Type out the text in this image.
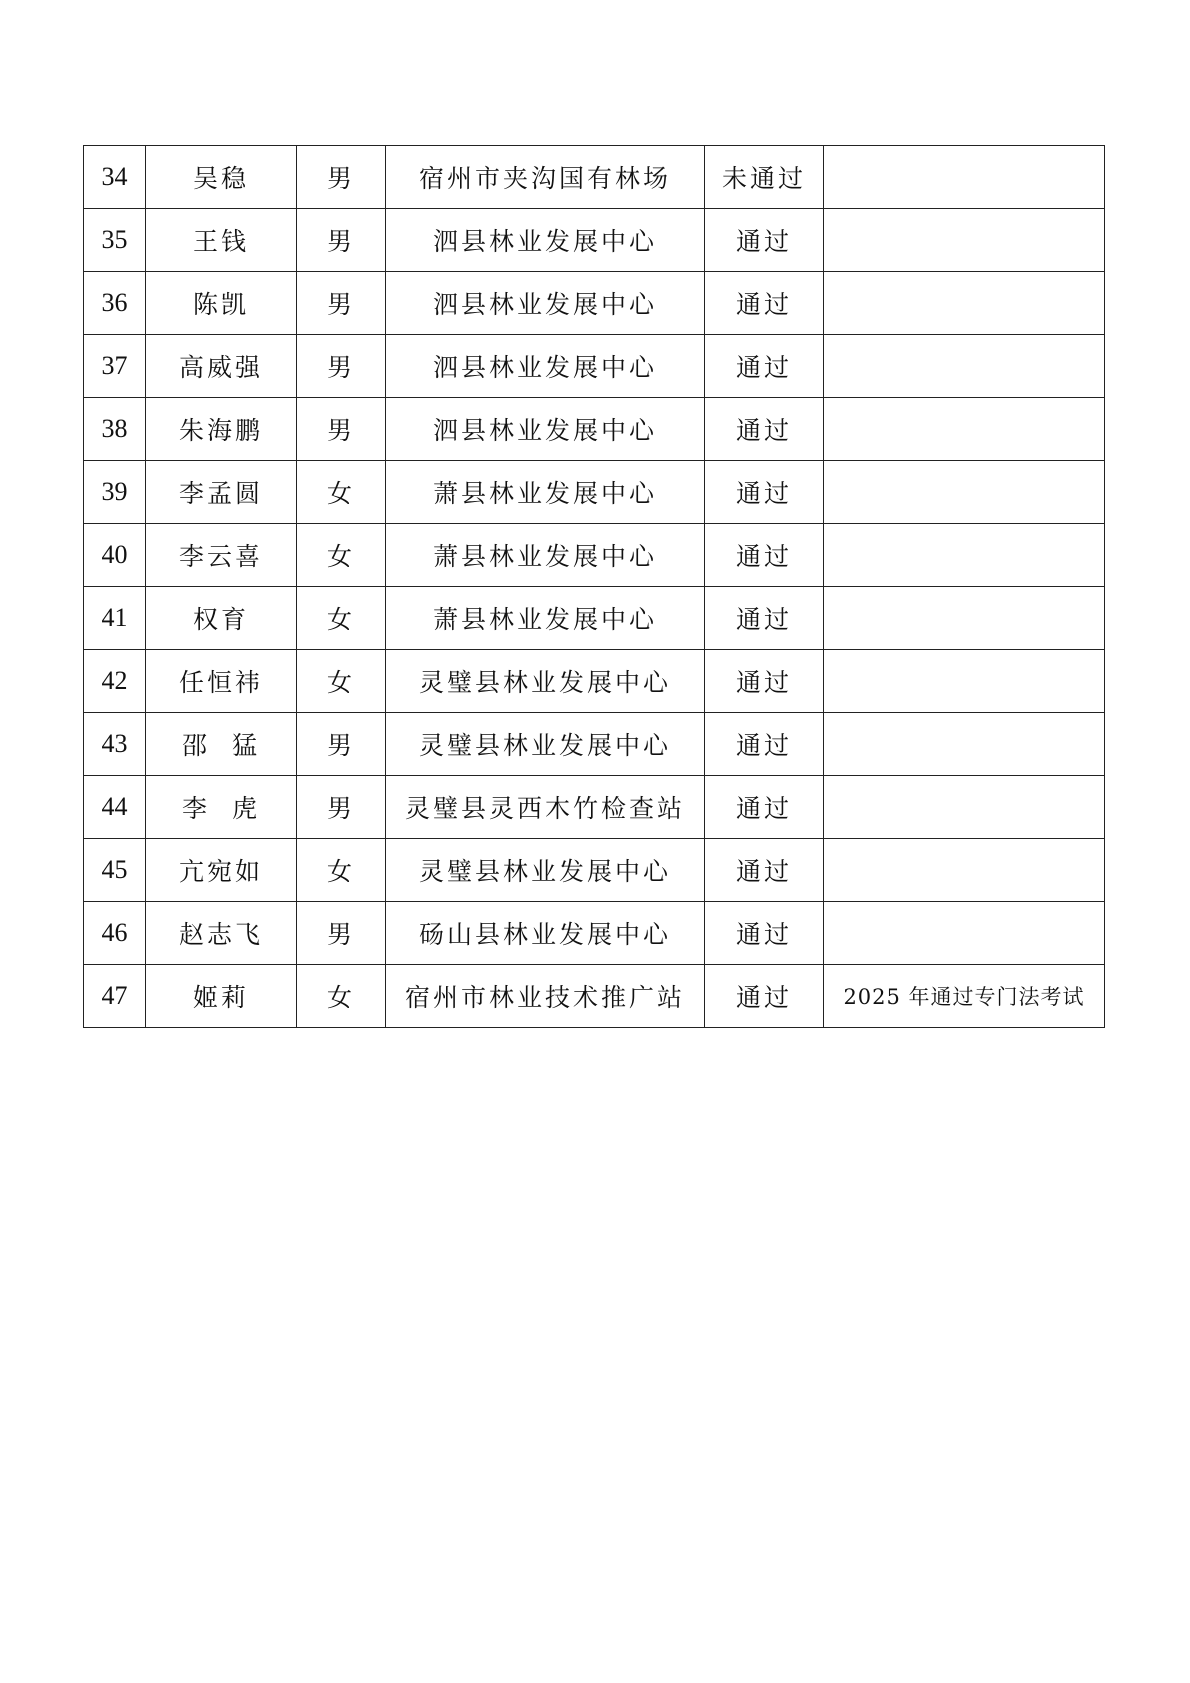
34	吴稳	男	宿州市夹沟国有林场	未通过	
35	王钱	男	泗县林业发展中心	通过	
36	陈凯	男	泗县林业发展中心	通过	
37	高威强	男	泗县林业发展中心	通过	
38	朱海鹏	男	泗县林业发展中心	通过	
39	李孟圆	女	萧县林业发展中心	通过	
40	李云喜	女	萧县林业发展中心	通过	
41	权育	女	萧县林业发展中心	通过	
42	任恒祎	女	灵璧县林业发展中心	通过	
43	邵  猛	男	灵璧县林业发展中心	通过	
44	李  虎	男	灵璧县灵西木竹检查站	通过	
45	亢宛如	女	灵璧县林业发展中心	通过	
46	赵志飞	男	砀山县林业发展中心	通过	
47	姬莉	女	宿州市林业技术推广站	通过	2025 年通过专门法考试
